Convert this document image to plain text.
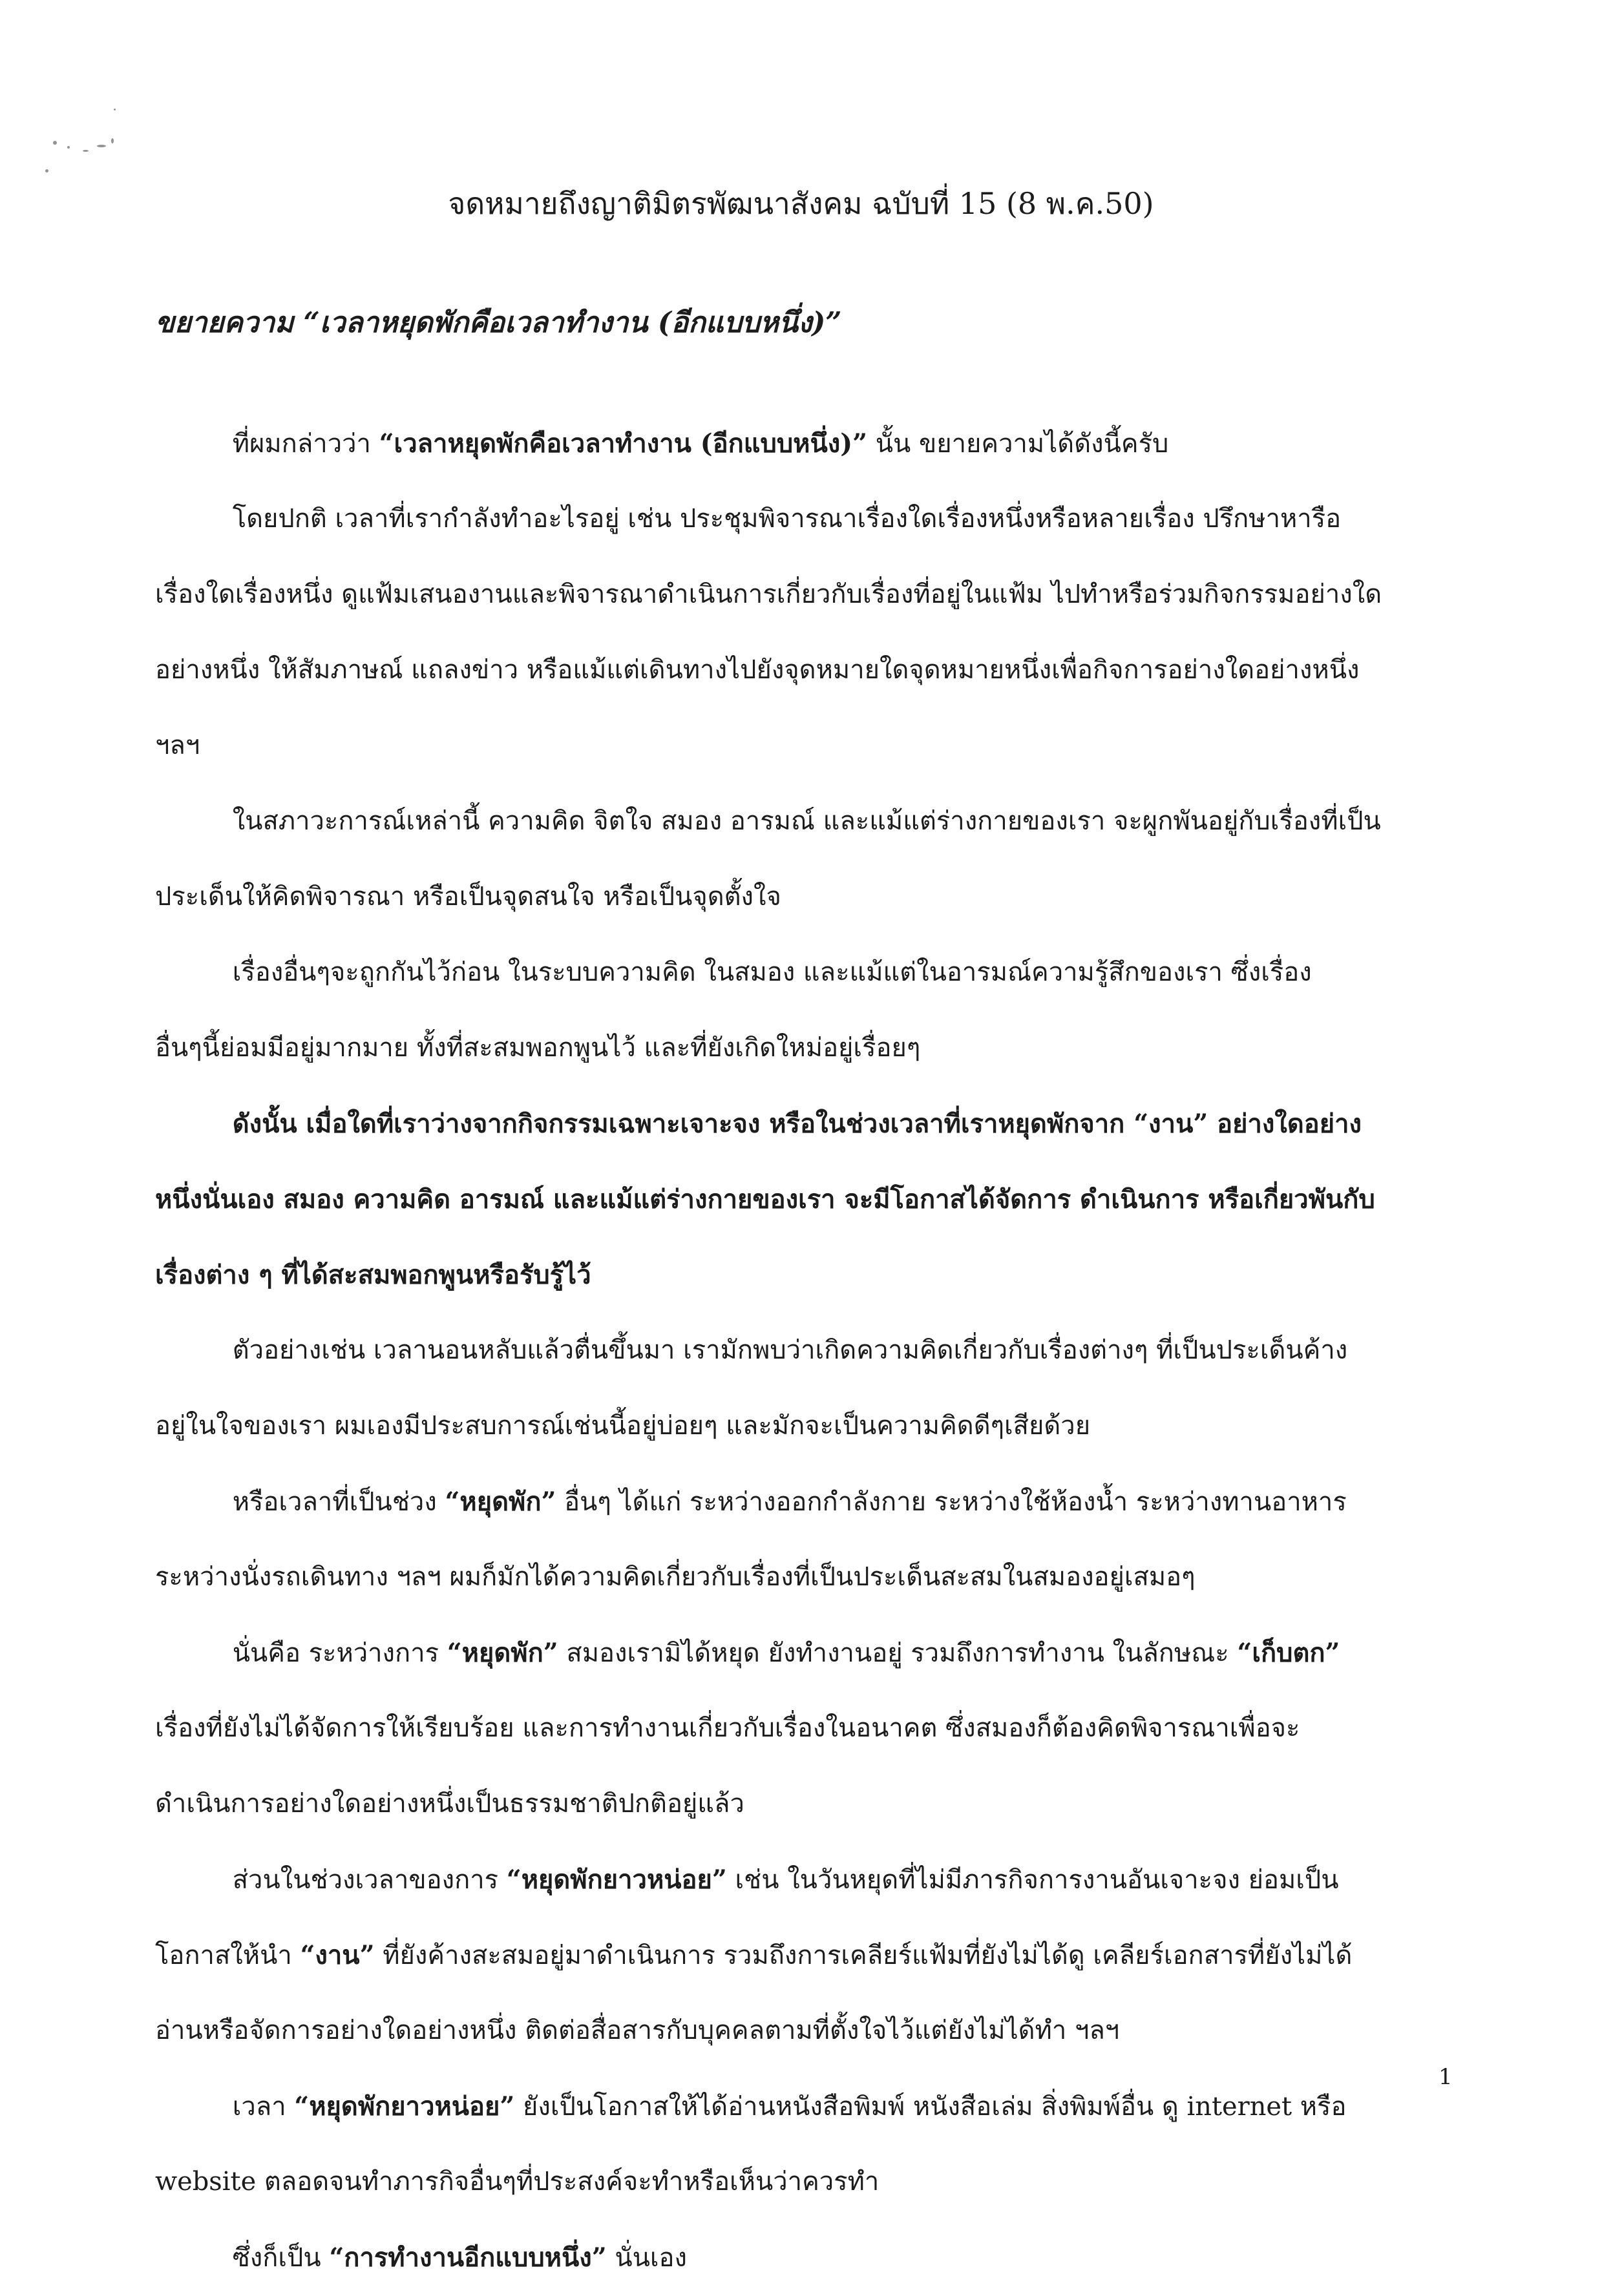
จดหมายถึงญาติมิตรพัฒนาสังคม ฉบับที่ 15 (8 พ.ค.50)
ขยายความ “เวลาหยุดพักคือเวลาทำงาน (อีกแบบหนึ่ง)”
ที่ผมกล่าวว่า “เวลาหยุดพักคือเวลาทำงาน (อีกแบบหนึ่ง)” นั้น ขยายความได้ดังนี้ครับ
โดยปกติ เวลาที่เรากำลังทำอะไรอยู่ เช่น ประชุมพิจารณาเรื่องใดเรื่องหนึ่งหรือหลายเรื่อง ปรึกษาหารือ
เรื่องใดเรื่องหนึ่ง ดูแฟ้มเสนองานและพิจารณาดำเนินการเกี่ยวกับเรื่องที่อยู่ในแฟ้ม ไปทำหรือร่วมกิจกรรมอย่างใด
อย่างหนึ่ง ให้สัมภาษณ์ แถลงข่าว หรือแม้แต่เดินทางไปยังจุดหมายใดจุดหมายหนึ่งเพื่อกิจการอย่างใดอย่างหนึ่ง
ฯลฯ
ในสภาวะการณ์เหล่านี้ ความคิด จิตใจ สมอง อารมณ์ และแม้แต่ร่างกายของเรา จะผูกพันอยู่กับเรื่องที่เป็น
ประเด็นให้คิดพิจารณา หรือเป็นจุดสนใจ หรือเป็นจุดตั้งใจ
เรื่องอื่นๆจะถูกกันไว้ก่อน ในระบบความคิด ในสมอง และแม้แต่ในอารมณ์ความรู้สึกของเรา ซึ่งเรื่อง
อื่นๆนี้ย่อมมีอยู่มากมาย ทั้งที่สะสมพอกพูนไว้ และที่ยังเกิดใหม่อยู่เรื่อยๆ
ดังนั้น เมื่อใดที่เราว่างจากกิจกรรมเฉพาะเจาะจง หรือในช่วงเวลาที่เราหยุดพักจาก “งาน” อย่างใดอย่าง
หนึ่งนั่นเอง สมอง ความคิด อารมณ์ และแม้แต่ร่างกายของเรา จะมีโอกาสได้จัดการ ดำเนินการ หรือเกี่ยวพันกับ
เรื่องต่าง ๆ ที่ได้สะสมพอกพูนหรือรับรู้ไว้
ตัวอย่างเช่น เวลานอนหลับแล้วตื่นขึ้นมา เรามักพบว่าเกิดความคิดเกี่ยวกับเรื่องต่างๆ ที่เป็นประเด็นค้าง
อยู่ในใจของเรา ผมเองมีประสบการณ์เช่นนี้อยู่บ่อยๆ และมักจะเป็นความคิดดีๆเสียด้วย
หรือเวลาที่เป็นช่วง “หยุดพัก” อื่นๆ ได้แก่ ระหว่างออกกำลังกาย ระหว่างใช้ห้องน้ำ ระหว่างทานอาหาร
ระหว่างนั่งรถเดินทาง ฯลฯ ผมก็มักได้ความคิดเกี่ยวกับเรื่องที่เป็นประเด็นสะสมในสมองอยู่เสมอๆ
นั่นคือ ระหว่างการ “หยุดพัก” สมองเรามิได้หยุด ยังทำงานอยู่ รวมถึงการทำงาน ในลักษณะ “เก็บตก”
เรื่องที่ยังไม่ได้จัดการให้เรียบร้อย และการทำงานเกี่ยวกับเรื่องในอนาคต ซึ่งสมองก็ต้องคิดพิจารณาเพื่อจะ
ดำเนินการอย่างใดอย่างหนึ่งเป็นธรรมชาติปกติอยู่แล้ว
ส่วนในช่วงเวลาของการ “หยุดพักยาวหน่อย” เช่น ในวันหยุดที่ไม่มีภารกิจการงานอันเจาะจง ย่อมเป็น
โอกาสให้นำ “งาน” ที่ยังค้างสะสมอยู่มาดำเนินการ รวมถึงการเคลียร์แฟ้มที่ยังไม่ได้ดู เคลียร์เอกสารที่ยังไม่ได้
อ่านหรือจัดการอย่างใดอย่างหนึ่ง ติดต่อสื่อสารกับบุคคลตามที่ตั้งใจไว้แต่ยังไม่ได้ทำ ฯลฯ
เวลา “หยุดพักยาวหน่อย” ยังเป็นโอกาสให้ได้อ่านหนังสือพิมพ์ หนังสือเล่ม สิ่งพิมพ์อื่น ดู internet หรือ
website ตลอดจนทำภารกิจอื่นๆที่ประสงค์จะทำหรือเห็นว่าควรทำ
ซึ่งก็เป็น “การทำงานอีกแบบหนึ่ง” นั่นเอง
1
